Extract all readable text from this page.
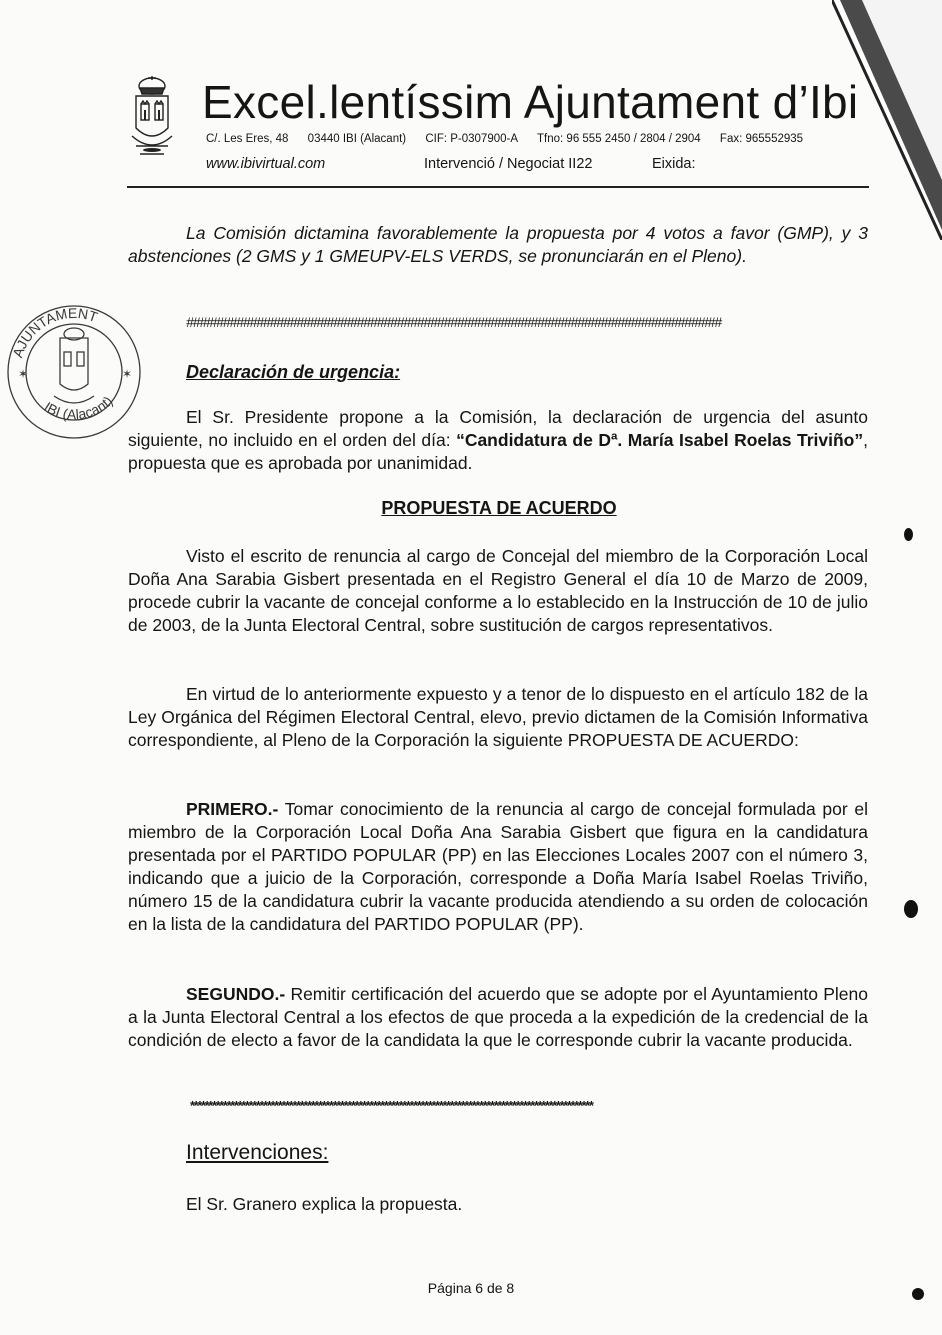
Excel.lentíssim Ajuntament d’Ibi
C/. Les Eres, 48 03440 IBI (Alacant) CIF: P-0307900-A Tfno: 96 555 2450 / 2804 / 2904 Fax: 965552935
www.ibivirtual.com	Intervenció / Negociat II22	Eixida:
La Comisión dictamina favorablemente la propuesta por 4 votos a favor (GMP), y 3 abstenciones (2 GMS y 1 GMEUPV-ELS VERDS, se pronunciarán en el Pleno).
################################################################################
AJUNTAMENT
IBI (Alacant)
✶	✶	Declaración de urgencia:
El Sr. Presidente propone a la Comisión, la declaración de urgencia del asunto siguiente, no incluido en el orden del día: “Candidatura de Dª. María Isabel Roelas Triviño”, propuesta que es aprobada por unanimidad.
PROPUESTA DE ACUERDO
Visto el escrito de renuncia al cargo de Concejal del miembro de la Corporación Local Doña Ana Sarabia Gisbert presentada en el Registro General el día 10 de Marzo de 2009, procede cubrir la vacante de concejal conforme a lo establecido en la Instrucción de 10 de julio de 2003, de la Junta Electoral Central, sobre sustitución de cargos representativos.
En virtud de lo anteriormente expuesto y a tenor de lo dispuesto en el artículo 182 de la Ley Orgánica del Régimen Electoral Central, elevo, previo dictamen de la Comisión Informativa correspondiente, al Pleno de la Corporación la siguiente PROPUESTA DE ACUERDO:
PRIMERO.- Tomar conocimiento de la renuncia al cargo de concejal formulada por el miembro de la Corporación Local Doña Ana Sarabia Gisbert que figura en la candidatura presentada por el PARTIDO POPULAR (PP) en las Elecciones Locales 2007 con el número 3, indicando que a juicio de la Corporación, corresponde a Doña María Isabel Roelas Triviño, número 15 de la candidatura cubrir la vacante producida atendiendo a su orden de colocación en la lista de la candidatura del PARTIDO POPULAR (PP).
SEGUNDO.- Remitir certificación del acuerdo que se adopte por el Ayuntamiento Pleno a la Junta Electoral Central a los efectos de que proceda a la expedición de la credencial de la condición de electo a favor de la candidata la que le corresponde cubrir la vacante producida.
**************************************************************************************************************
Intervenciones:
El Sr. Granero explica la propuesta.
Página 6 de 8
